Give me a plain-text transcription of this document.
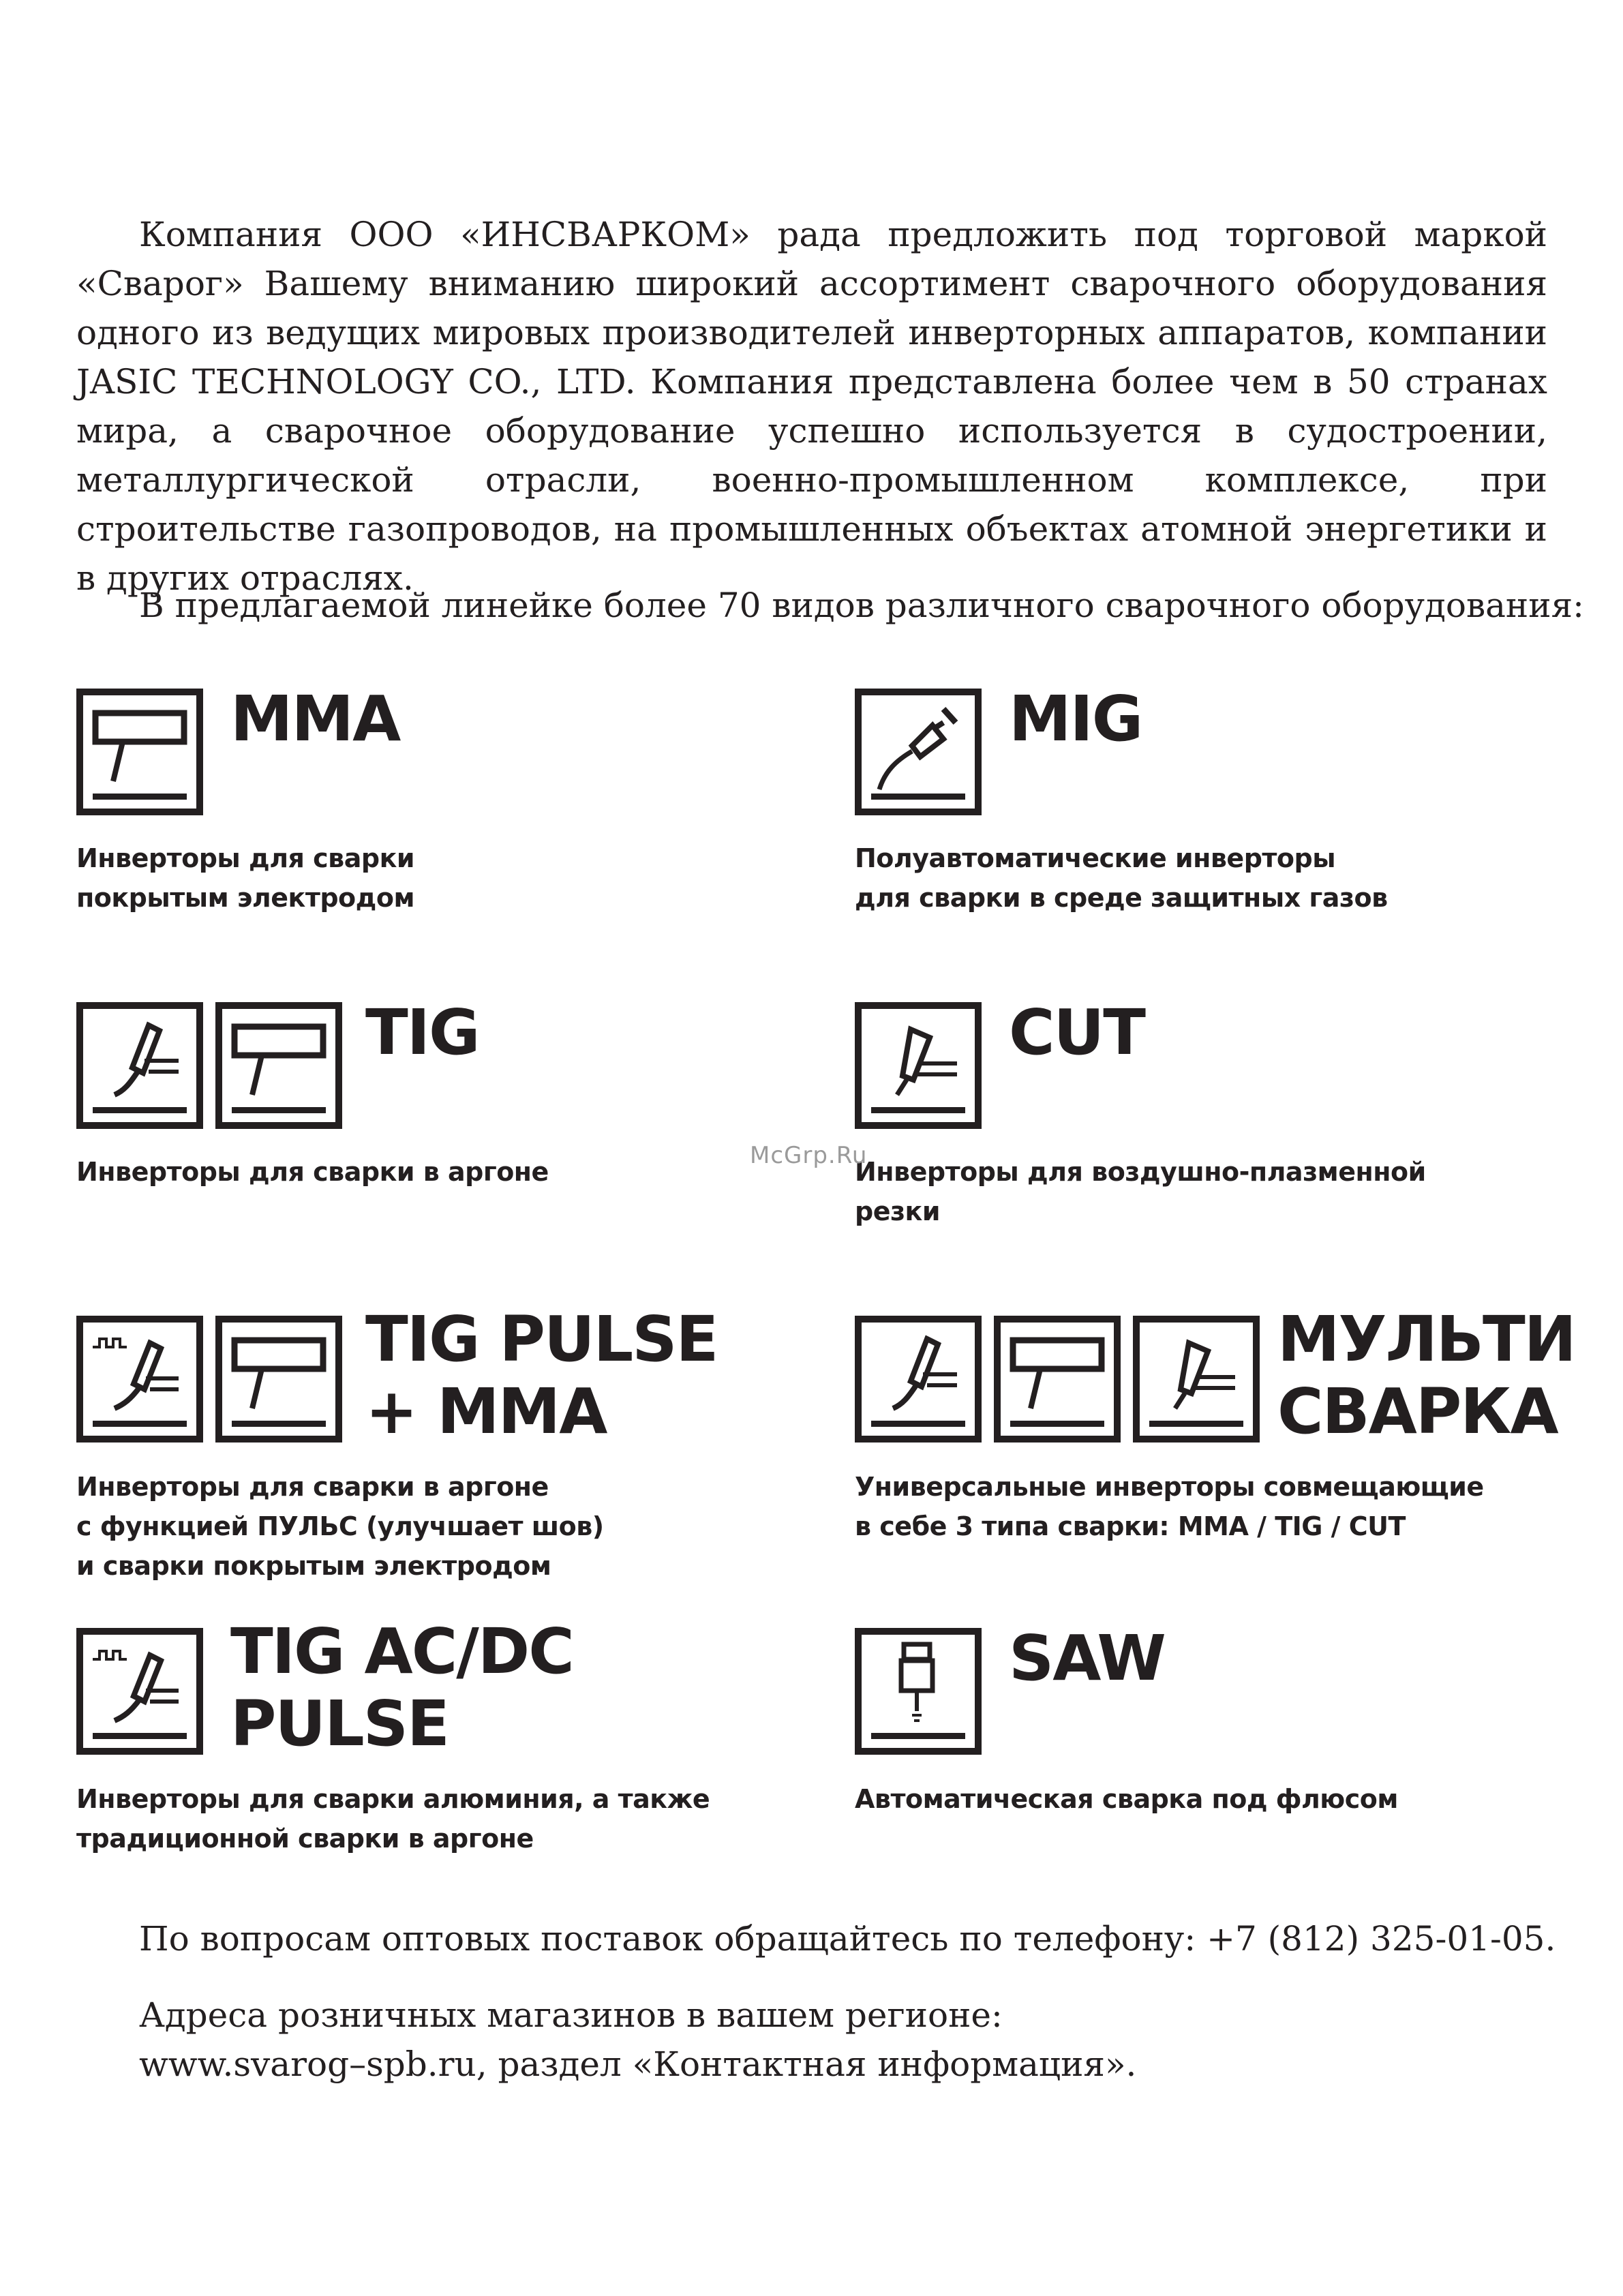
Компания ООО «ИНСВАРКОМ» рада предложить под торговой маркой «Сварог» Вашему вниманию широкий ассортимент сварочного оборудования одного из ведущих мировых производителей инверторных аппаратов, компании JASIC TECHNOLOGY CO., LTD. Компания представлена более чем в 50 странах мира, а сварочное оборудование успешно используется в судостроении, металлургической отрасли, военно-промышленном комплексе, при строительстве газопроводов, на промышленных объектах атомной энергетики и в других отраслях.

В предлагаемой линейке более 70 видов различного сварочного оборудования:

MMA
Инверторы для сварки
покрытым электродом
MIG
Полуавтоматические инверторы
для сварки в среде защитных газов
TIG
Инверторы для сварки в аргоне
CUT
Инверторы для воздушно-плазменной
резки
McGrp.Ru
TIG PULSE
+ MMA
Инверторы для сварки в аргоне
с функцией ПУЛЬС (улучшает шов)
и сварки покрытым электродом
МУЛЬТИ
СВАРКА
Универсальные инверторы совмещающие
в себе 3 типа сварки: MMA / TIG / CUT
TIG AC/DC
PULSE
Инверторы для сварки алюминия, а также
традиционной сварки в аргоне
SAW
Автоматическая сварка под флюсом

По вопросам оптовых поставок обращайтесь по телефону: +7 (812) 325-01-05.

Адреса розничных магазинов в вашем регионе:

www.svarog–spb.ru, раздел «Контактная информация».
